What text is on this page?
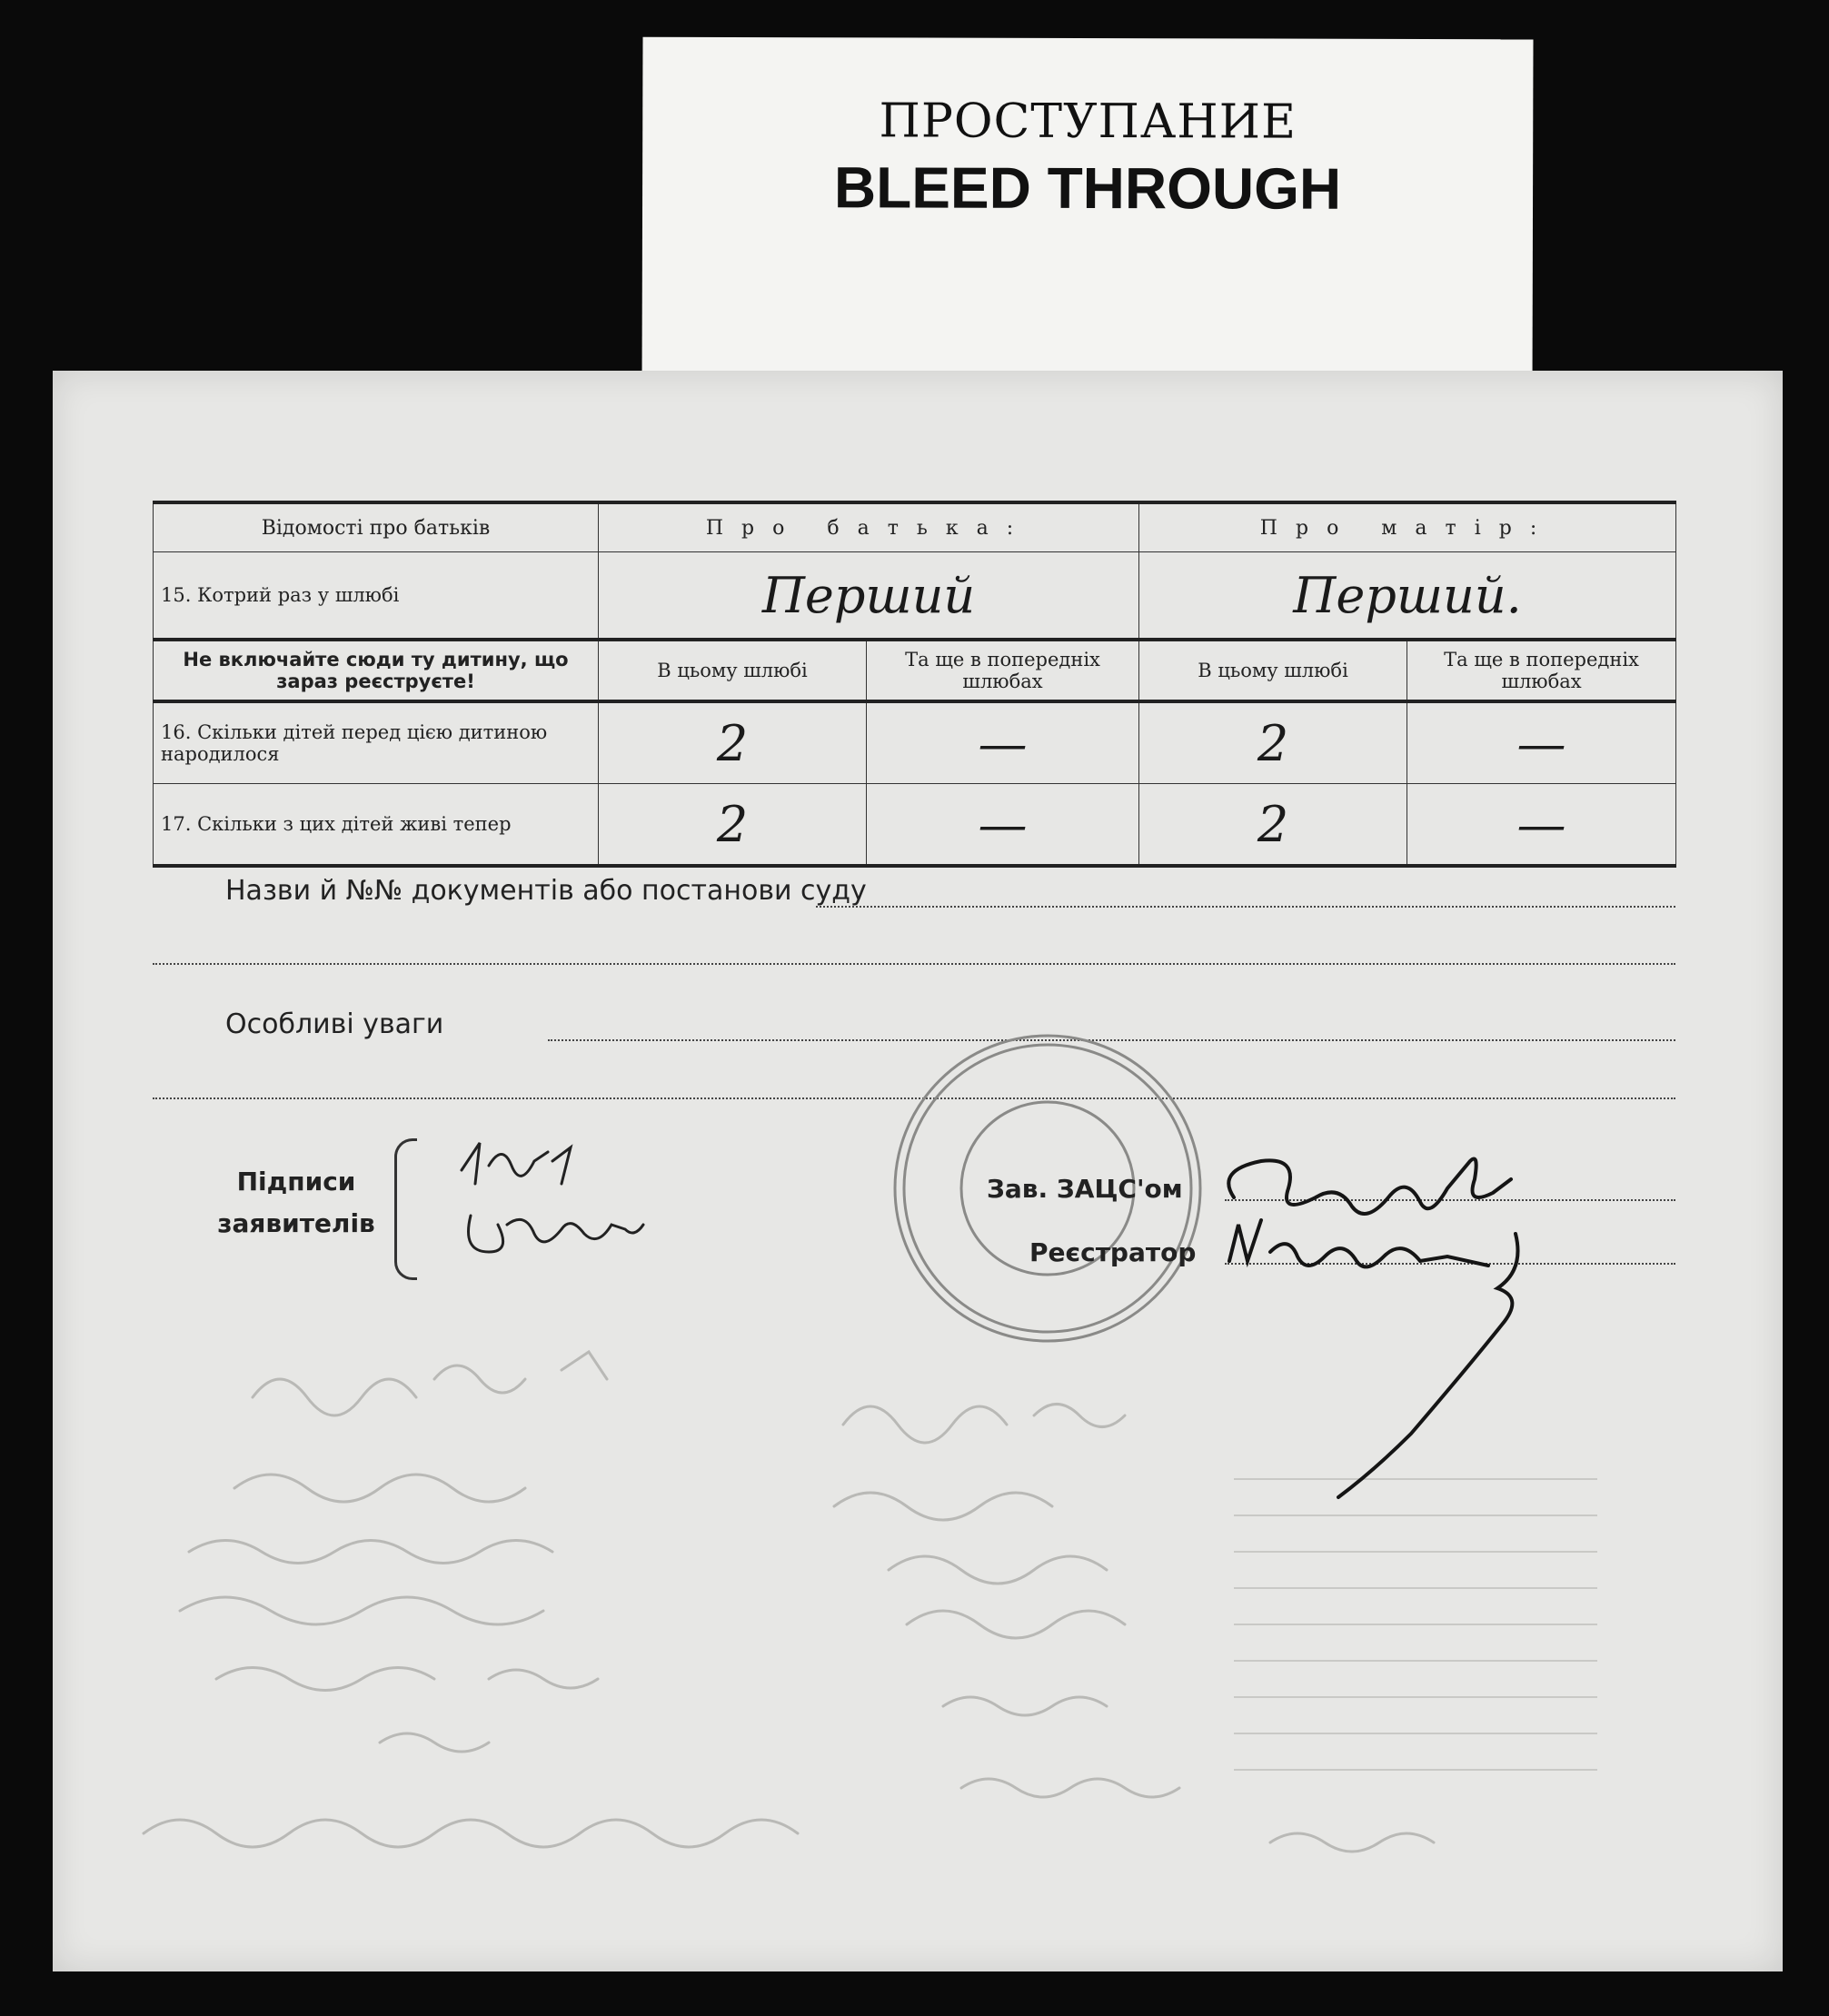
ПРОСТУПАНИЕ
BLEED THROUGH
Відомості про батьків	Про батька:		Про матір:	
15. Котрий раз у шлюбі	Перший		Перший.	
Не включайте сюди ту дитину, що зараз реєструєте!	В цьому шлюбі	Та ще в попередніх шлюбах	В цьому шлюбі	Та ще в попередніх шлюбах
16. Скільки дітей перед цією дитиною народилося	2	—	2	—
17. Скільки з цих дітей живі тепер	2	—	2	—
Назви й №№ документів або постанови суду
Особливі уваги
Підписи
заявителів
Зав. ЗАЦС'ом
Реєстратор
